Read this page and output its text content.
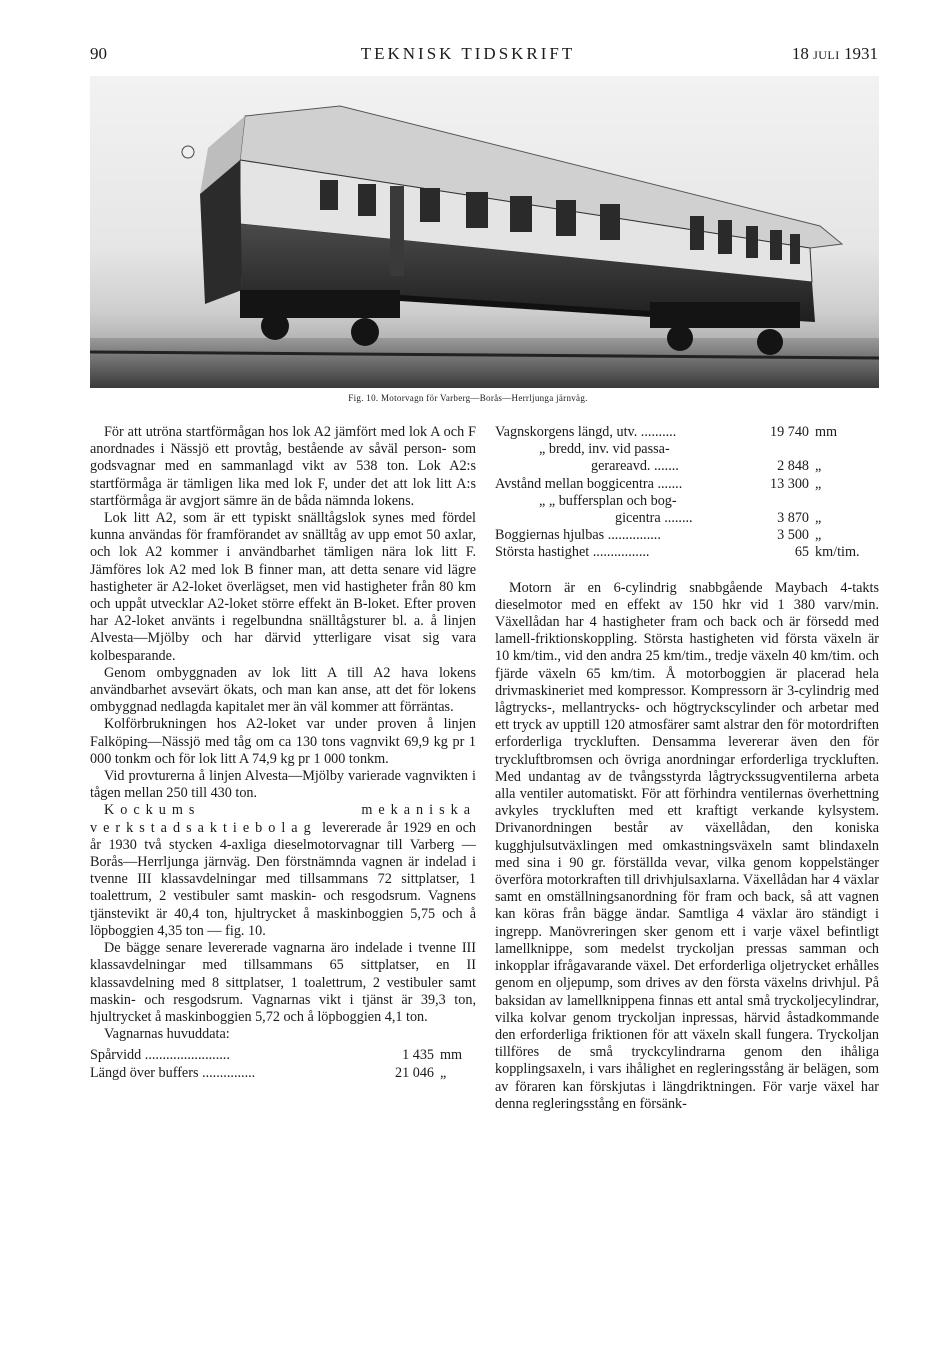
TEKNISK TIDSKRIFT
90	18 JULI 1931
Fig. 10. Motorvagn för Varberg—Borås—Herrljunga järnväg.

För att utröna startförmågan hos lok A2 jämfört med lok A och F anordnades i Nässjö ett provtåg, bestående av såväl person- som godsvagnar med en sammanlagd vikt av 538 ton. Lok A2:s startförmåga är tämligen lika med lok F, under det att lok litt A:s startförmåga är avgjort sämre än de båda nämnda lokens.

Lok litt A2, som är ett typiskt snälltågslok synes med fördel kunna användas för framförandet av snälltåg av upp emot 50 axlar, och lok A2 kommer i användbarhet tämligen nära lok litt F. Jämföres lok A2 med lok B finner man, att detta senare vid lägre hastigheter är A2-loket överlägset, men vid hastigheter från 80 km och uppåt utvecklar A2-loket större effekt än B-loket. Efter proven har A2-loket använts i regelbundna snälltågsturer bl. a. å linjen Alvesta—Mjölby och har därvid ytterligare visat sig vara kolbesparande.

Genom ombyggnaden av lok litt A till A2 hava lokens användbarhet avsevärt ökats, och man kan anse, att det för lokens ombyggnad nedlagda kapitalet mer än väl kommer att förräntas.

Kolförbrukningen hos A2-loket var under proven å linjen Falköping—Nässjö med tåg om ca 130 tons vagnvikt 69,9 kg pr 1 000 tonkm och för lok litt A 74,9 kg pr 1 000 tonkm.

Vid provturerna å linjen Alvesta—Mjölby varierade vagnvikten i tågen mellan 250 till 430 ton.

Kockums mekaniska verkstadsaktiebolag levererade år 1929 en och år 1930 två stycken 4-axliga dieselmotorvagnar till Varberg —Borås—Herrljunga järnväg. Den förstnämnda vagnen är indelad i tvenne III klassavdelningar med tillsammans 72 sittplatser, 1 toalettrum, 2 vestibuler samt maskin- och resgodsrum. Vagnens tjänstevikt är 40,4 ton, hjultrycket å maskinboggien 5,75 och å löpboggien 4,35 ton — fig. 10.

De bägge senare levererade vagnarna äro indelade i tvenne III klassavdelningar med tillsammans 65 sittplatser, en II klassavdelning med 8 sittplatser, 1 toalettrum, 2 vestibuler samt maskin- och resgodsrum. Vagnarnas vikt i tjänst är 39,3 ton, hjultrycket å maskinboggien 5,72 och å löpboggien 4,1 ton.

Vagnarnas huvuddata:

Spårvidd ........................	1 435 mm
Längd över buffers ...............	21 046 „
Vagnskorgens längd, utv. ..........	19 740 mm
„ bredd, inv. vid passa-
gerareavd. .......	2 848 „
Avstånd mellan boggicentra .......	13 300 „
„ „ buffersplan och bog-
gicentra ........	3 870 „
Boggiernas hjulbas ...............	3 500 „
Största hastighet ................	65 km/tim.

Motorn är en 6-cylindrig snabbgående Maybach 4-takts dieselmotor med en effekt av 150 hkr vid 1 380 varv/min. Växellådan har 4 hastigheter fram och back och är försedd med lamell-friktionskoppling. Största hastigheten vid första växeln är 10 km/tim., vid den andra 25 km/tim., tredje växeln 40 km/tim. och fjärde växeln 65 km/tim. Å motorboggien är placerad hela drivmaskineriet med kompressor. Kompressorn är 3-cylindrig med lågtrycks-, mellantrycks- och högtryckscylinder och arbetar med ett tryck av upptill 120 atmosfärer samt alstrar den för motordriften erforderliga tryckluften. Densamma levererar även den för tryckluftbromsen och övriga anordningar erforderliga tryckluften. Med undantag av de tvångsstyrda lågtryckssugventilerna arbeta alla ventiler automatiskt. För att förhindra ventilernas överhettning avkyles tryckluften med ett kraftigt verkande kylsystem. Drivanordningen består av växellådan, den koniska kugghjulsutväxlingen med omkastningsväxeln samt blindaxeln med sina i 90 gr. förställda vevar, vilka genom koppelstänger överföra motorkraften till drivhjulsaxlarna. Växellådan har 4 växlar samt en omställningsanordning för fram och back, så att vagnen kan köras från bägge ändar. Samtliga 4 växlar äro ständigt i ingrepp. Manövreringen sker genom ett i varje växel befintligt lamellknippe, som medelst tryckoljan pressas samman och inkopplar ifrågavarande växel. Det erforderliga oljetrycket erhålles genom en oljepump, som drives av den första växelns drivhjul. På baksidan av lamellknippena finnas ett antal små tryckoljecylindrar, vilka kolvar genom tryckoljan inpressas, härvid åstadkommande den erforderliga friktionen för att växeln skall fungera. Tryckoljan tillföres de små tryckcylindrarna genom den ihåliga kopplingsaxeln, i vars ihålighet en regleringsstång är belägen, som av föraren kan förskjutas i längdriktningen. För varje växel har denna regleringsstång en försänk-
